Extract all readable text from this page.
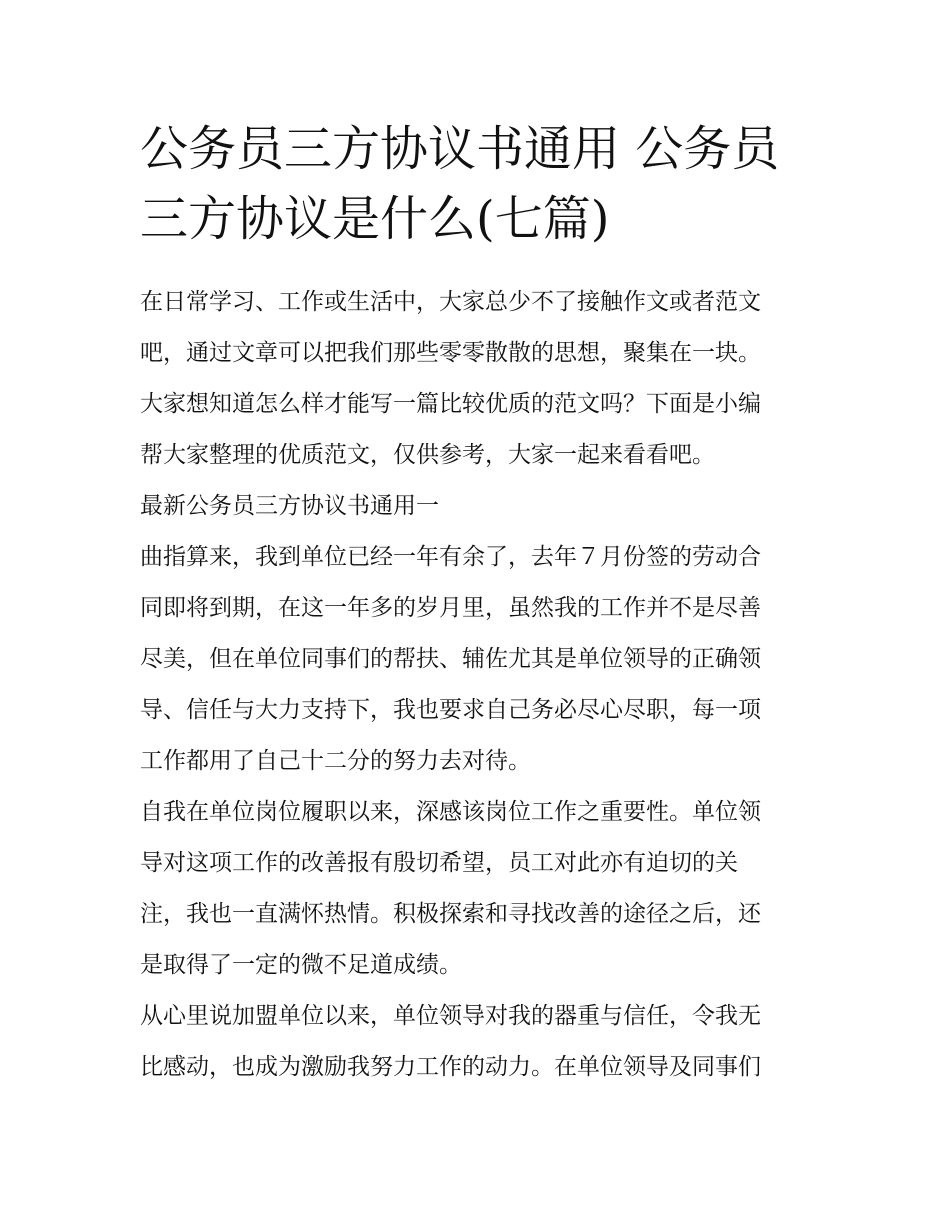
公务员三方协议书通用 公务员
三方协议是什么(七篇)
在日常学习、工作或生活中，大家总少不了接触作文或者范文
吧，通过文章可以把我们那些零零散散的思想，聚集在一块。
大家想知道怎么样才能写一篇比较优质的范文吗？下面是小编
帮大家整理的优质范文，仅供参考，大家一起来看看吧。
最新公务员三方协议书通用一
曲指算来，我到单位已经一年有余了，去年７月份签的劳动合
同即将到期，在这一年多的岁月里，虽然我的工作并不是尽善
尽美，但在单位同事们的帮扶、辅佐尤其是单位领导的正确领
导、信任与大力支持下，我也要求自己务必尽心尽职，每一项
工作都用了自己十二分的努力去对待。
自我在单位岗位履职以来，深感该岗位工作之重要性。单位领
导对这项工作的改善报有殷切希望，员工对此亦有迫切的关
注，我也一直满怀热情。积极探索和寻找改善的途径之后，还
是取得了一定的微不足道成绩。
从心里说加盟单位以来，单位领导对我的器重与信任，令我无
比感动，也成为激励我努力工作的动力。在单位领导及同事们
